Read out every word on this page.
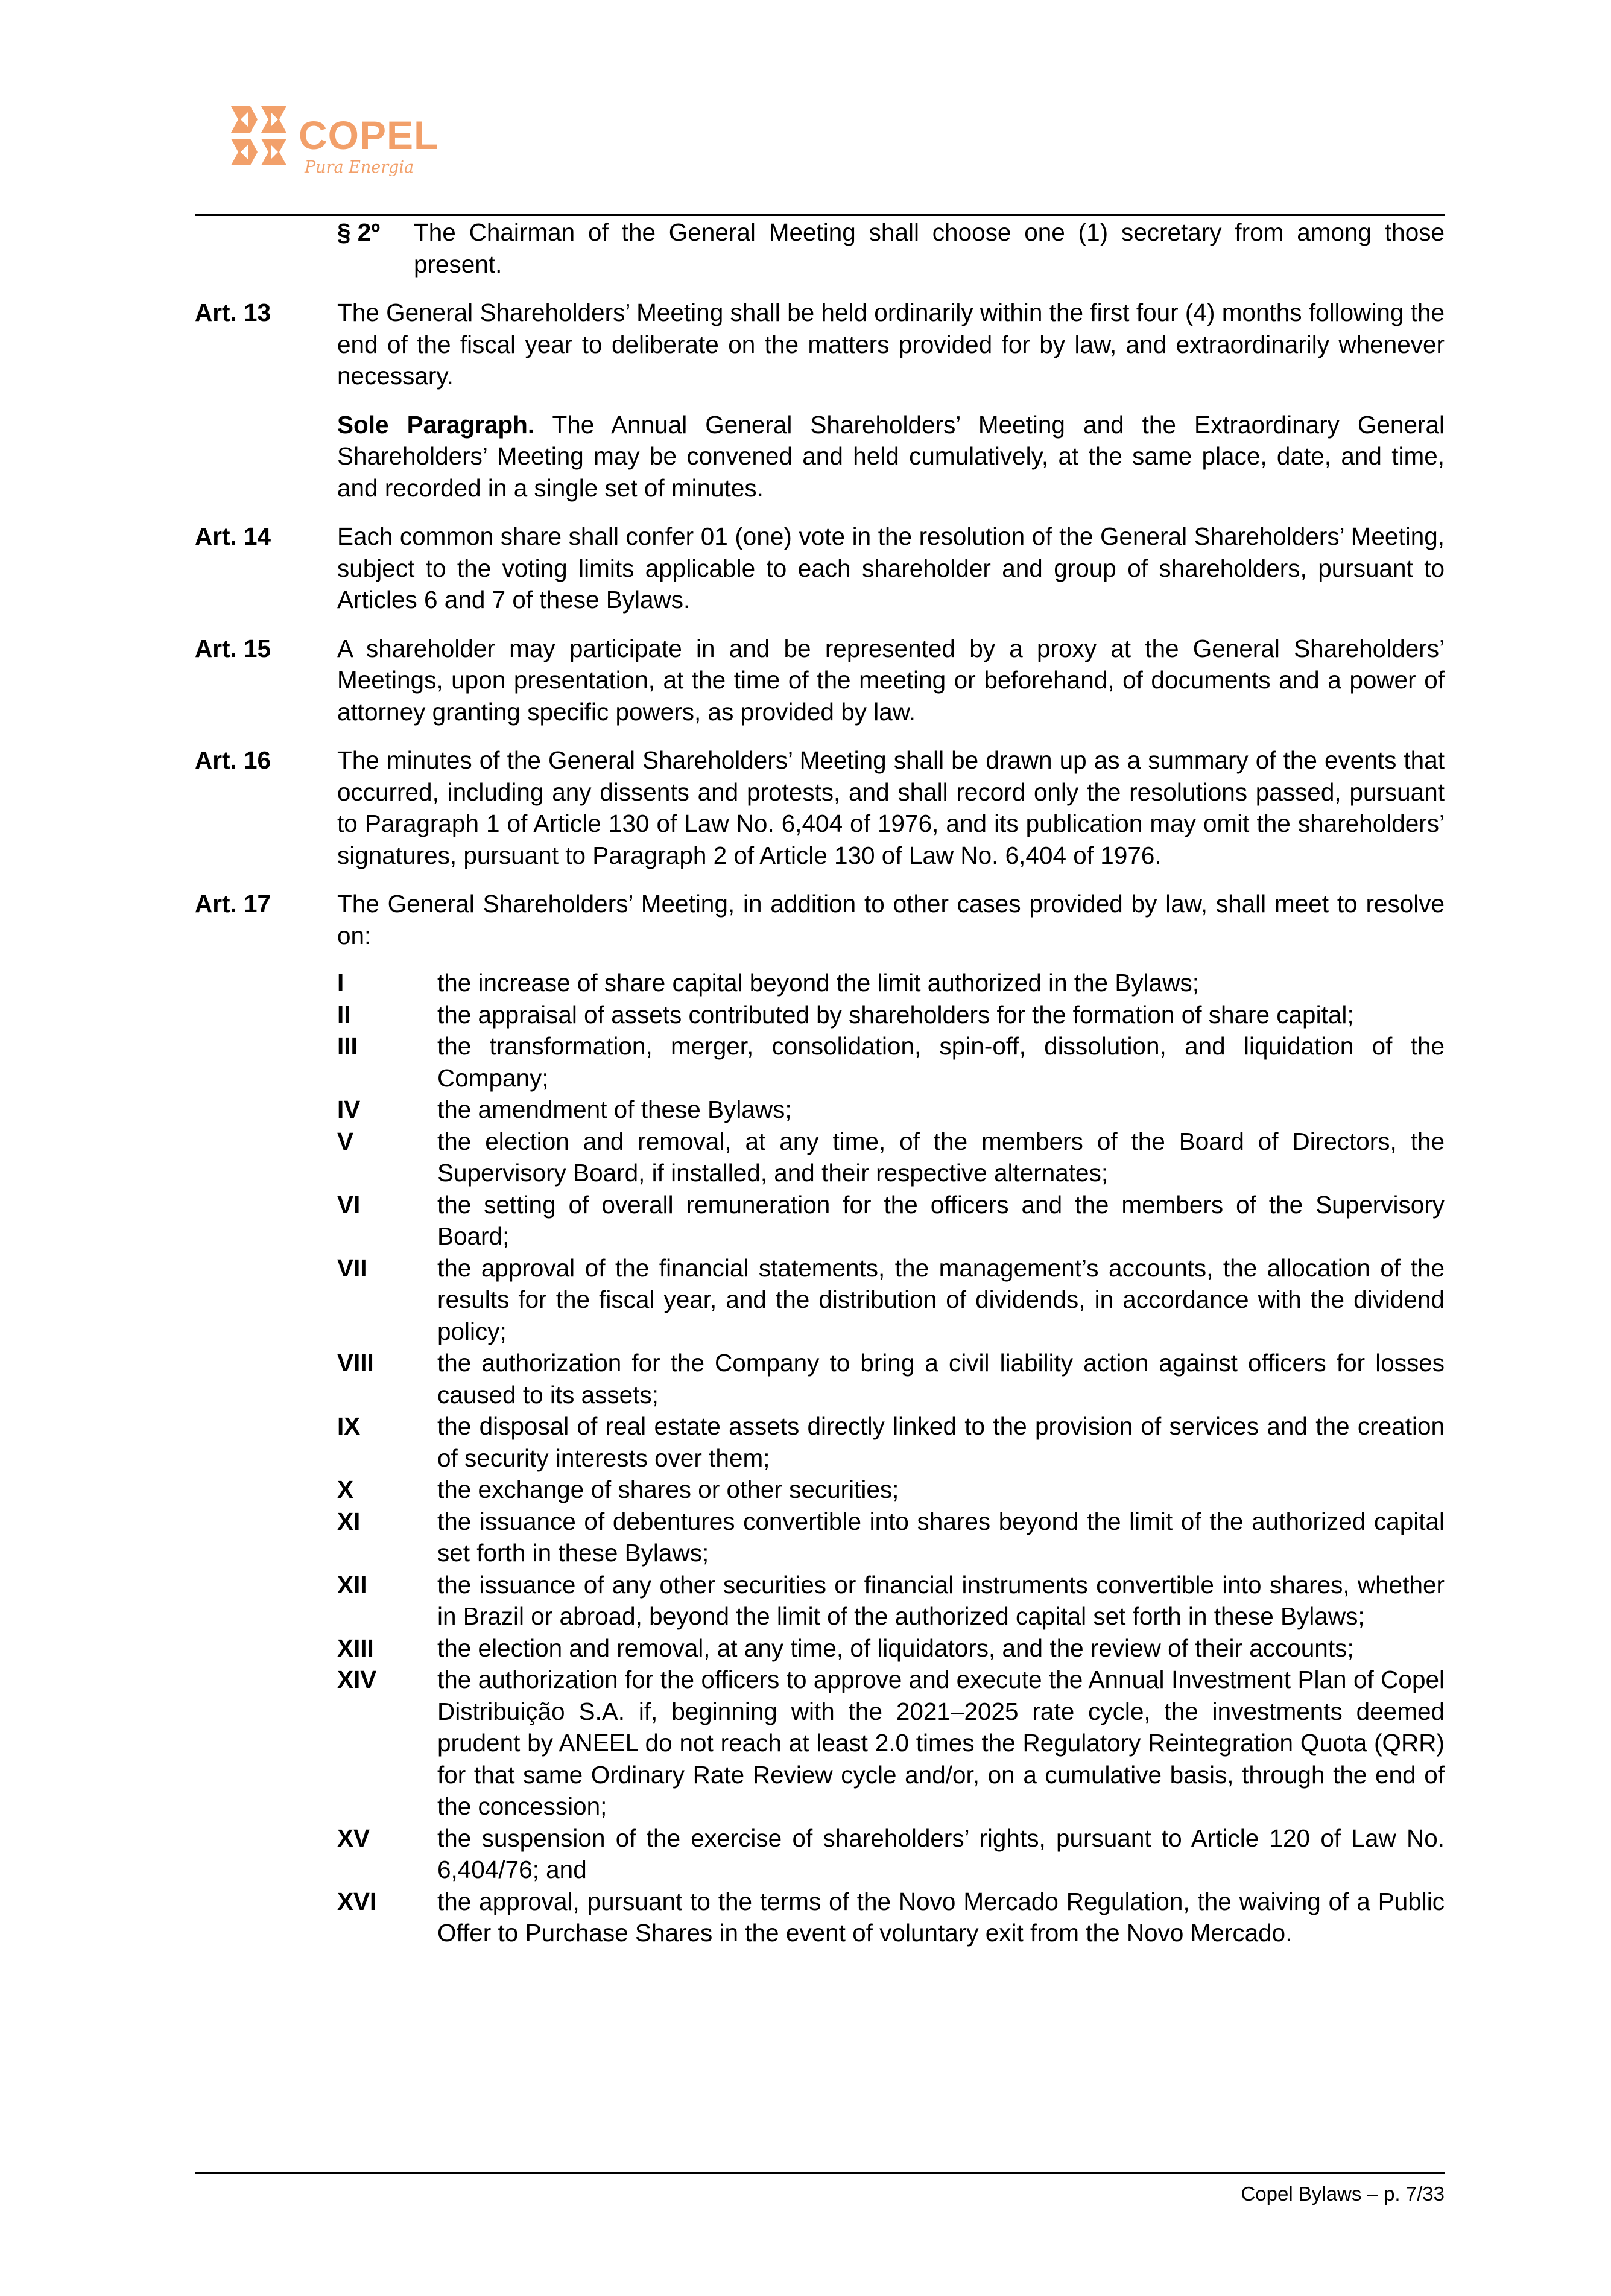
COPEL
Pura Energia
§ 2º The Chairman of the General Meeting shall choose one (1) secretary from among those present.
Art. 13	The General Shareholders’ Meeting shall be held ordinarily within the first four (4) months following the end of the fiscal year to deliberate on the matters provided for by law, and extraordinarily whenever necessary.
Sole Paragraph. The Annual General Shareholders’ Meeting and the Extraordinary General Shareholders’ Meeting may be convened and held cumulatively, at the same place, date, and time, and recorded in a single set of minutes.
Art. 14	Each common share shall confer 01 (one) vote in the resolution of the General Shareholders’ Meeting, subject to the voting limits applicable to each shareholder and group of shareholders, pursuant to Articles 6 and 7 of these Bylaws.
Art. 15	A shareholder may participate in and be represented by a proxy at the General Shareholders’ Meetings, upon presentation, at the time of the meeting or beforehand, of documents and a power of attorney granting specific powers, as provided by law.
Art. 16	The minutes of the General Shareholders’ Meeting shall be drawn up as a summary of the events that occurred, including any dissents and protests, and shall record only the resolutions passed, pursuant to Paragraph 1 of Article 130 of Law No. 6,404 of 1976, and its publication may omit the shareholders’ signatures, pursuant to Paragraph 2 of Article 130 of Law No. 6,404 of 1976.
Art. 17	The General Shareholders’ Meeting, in addition to other cases provided by law, shall meet to resolve on:
I	the increase of share capital beyond the limit authorized in the Bylaws;
II	the appraisal of assets contributed by shareholders for the formation of share capital;
III	the transformation, merger, consolidation, spin-off, dissolution, and liquidation of the Company;
IV	the amendment of these Bylaws;
V	the election and removal, at any time, of the members of the Board of Directors, the Supervisory Board, if installed, and their respective alternates;
VI	the setting of overall remuneration for the officers and the members of the Supervisory Board;
VII	the approval of the financial statements, the management’s accounts, the allocation of the results for the fiscal year, and the distribution of dividends, in accordance with the dividend policy;
VIII	the authorization for the Company to bring a civil liability action against officers for losses caused to its assets;
IX	the disposal of real estate assets directly linked to the provision of services and the creation of security interests over them;
X	the exchange of shares or other securities;
XI	the issuance of debentures convertible into shares beyond the limit of the authorized capital set forth in these Bylaws;
XII	the issuance of any other securities or financial instruments convertible into shares, whether in Brazil or abroad, beyond the limit of the authorized capital set forth in these Bylaws;
XIII	the election and removal, at any time, of liquidators, and the review of their accounts;
XIV the authorization for the officers to approve and execute the Annual Investment Plan of Copel Distribuição S.A. if, beginning with the 2021–2025 rate cycle, the investments deemed prudent by ANEEL do not reach at least 2.0 times the Regulatory Reintegration Quota (QRR) for that same Ordinary Rate Review cycle and/or, on a cumulative basis, through the end of the concession;
XV	the suspension of the exercise of shareholders’ rights, pursuant to Article 120 of Law No. 6,404/76; and
XVI the approval, pursuant to the terms of the Novo Mercado Regulation, the waiving of a Public Offer to Purchase Shares in the event of voluntary exit from the Novo Mercado.
Copel Bylaws – p. 7/33
